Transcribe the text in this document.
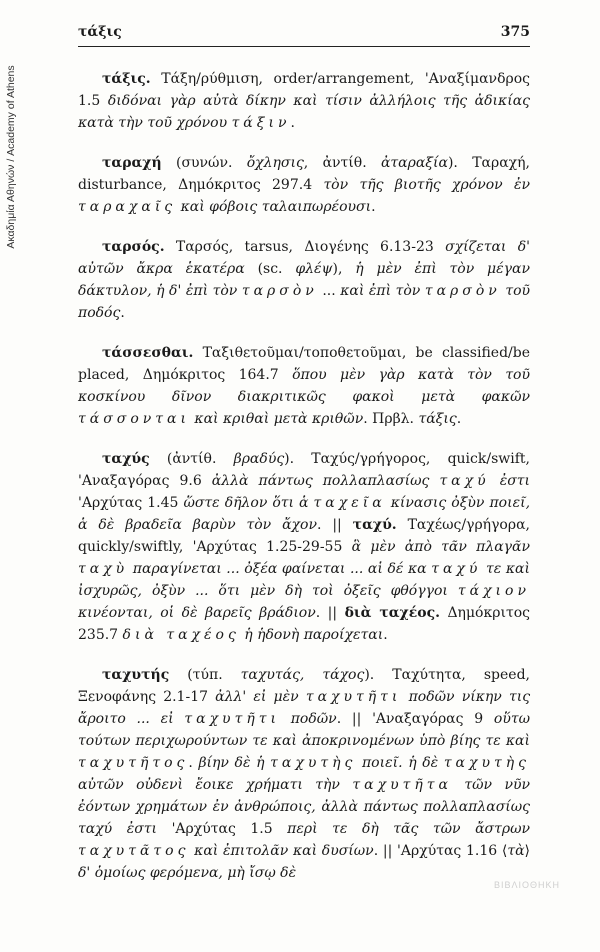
τάξις	375
Ακαδημία Αθηνών / Academy of Athens	τάξις. Τάξη/ρύθμιση, order/arrangement, 'Αναξίμανδρος 1.5 διδόναι γὰρ αὐτὰ δίκην καὶ τίσιν ἀλλήλοις τῆς ἀδικίας κατὰ τὴν τοῦ χρόνου τάξιν.

ταραχή (συνών. ὄχλησις, ἀντίθ. ἀταραξία). Ταραχή, disturbance, Δημόκριτος 297.4 τὸν τῆς βιοτῆς χρόνον ἐν ταραχαῖς καὶ φόβοις ταλαιπωρέουσι.

ταρσός. Ταρσός, tarsus, Διογένης 6.13-23 σχίζεται δ' αὐτῶν ἄκρα ἑκατέρα (sc. φλέψ), ἡ μὲν ἐπὶ τὸν μέγαν δάκτυλον, ἡ δ' ἐπὶ τὸν ταρσὸν ... καὶ ἐπὶ τὸν ταρσὸν τοῦ ποδός.

τάσσεσθαι. Ταξιθετοῦμαι/τοποθετοῦμαι, be classified/be placed, Δημόκριτος 164.7 ὅπου μὲν γὰρ κατὰ τὸν τοῦ κοσκίνου δῖνον διακριτικῶς φακοὶ μετὰ φακῶν τάσσονται καὶ κριθαὶ μετὰ κριθῶν. Πρβλ. τάξις.

ταχύς (ἀντίθ. βραδύς). Ταχύς/γρήγορος, quick/swift, 'Αναξαγόρας 9.6 ἀλλὰ πάντως πολλαπλασίως ταχύ ἐστι 'Αρχύτας 1.45 ὥστε δῆλον ὅτι ἁ ταχεῖα κίνασις ὀξὺν ποιεῖ, ἁ δὲ βραδεῖα βαρὺν τὸν ἄχον. || ταχύ. Ταχέως/γρήγορα, quickly/swiftly, 'Αρχύτας 1.25-29-55 ἃ μὲν ἀπὸ τᾶν πλαγᾶν ταχὺ παραγίνεται ... ὀξέα φαίνεται ... αἱ δέ κα ταχύ τε καὶ ἰσχυρῶς, ὀξὺν ... ὅτι μὲν δὴ τοὶ ὀξεῖς φθόγγοι τάχιον κινέονται, οἱ δὲ βαρεῖς βράδιον. || διὰ ταχέος. Δημόκριτος 235.7 διὰ ταχέος ἡ ἡδονὴ παροίχεται.

ταχυτής (τύπ. ταχυτάς, τάχος). Ταχύτητα, speed, Ξενοφάνης 2.1-17 ἀλλ' εἰ μὲν ταχυτῆτι ποδῶν νίκην τις ἄροιτο ... εἰ ταχυτῆτι ποδῶν. || 'Αναξαγόρας 9 οὕτω τούτων περιχωρούντων τε καὶ ἀποκρινομένων ὑπὸ βίης τε καὶ ταχυτῆτος. βίην δὲ ἡ ταχυτὴς ποιεῖ. ἡ δὲ ταχυτὴς αὐτῶν οὐδενὶ ἔοικε χρήματι τὴν ταχυτῆτα τῶν νῦν ἐόντων χρημάτων ἐν ἀνθρώποις, ἀλλὰ πάντως πολλαπλασίως ταχύ ἐστι 'Αρχύτας 1.5 περὶ τε δὴ τᾶς τῶν ἄστρων ταχυτᾶτος καὶ ἐπιτολᾶν καὶ δυσίων. || 'Αρχύτας 1.16 ⟨τὰ⟩ δ' ὁμοίως φερόμενα, μὴ ἴσῳ δὲ

ΒΙΒΛΙΟΘΗΚΗ
